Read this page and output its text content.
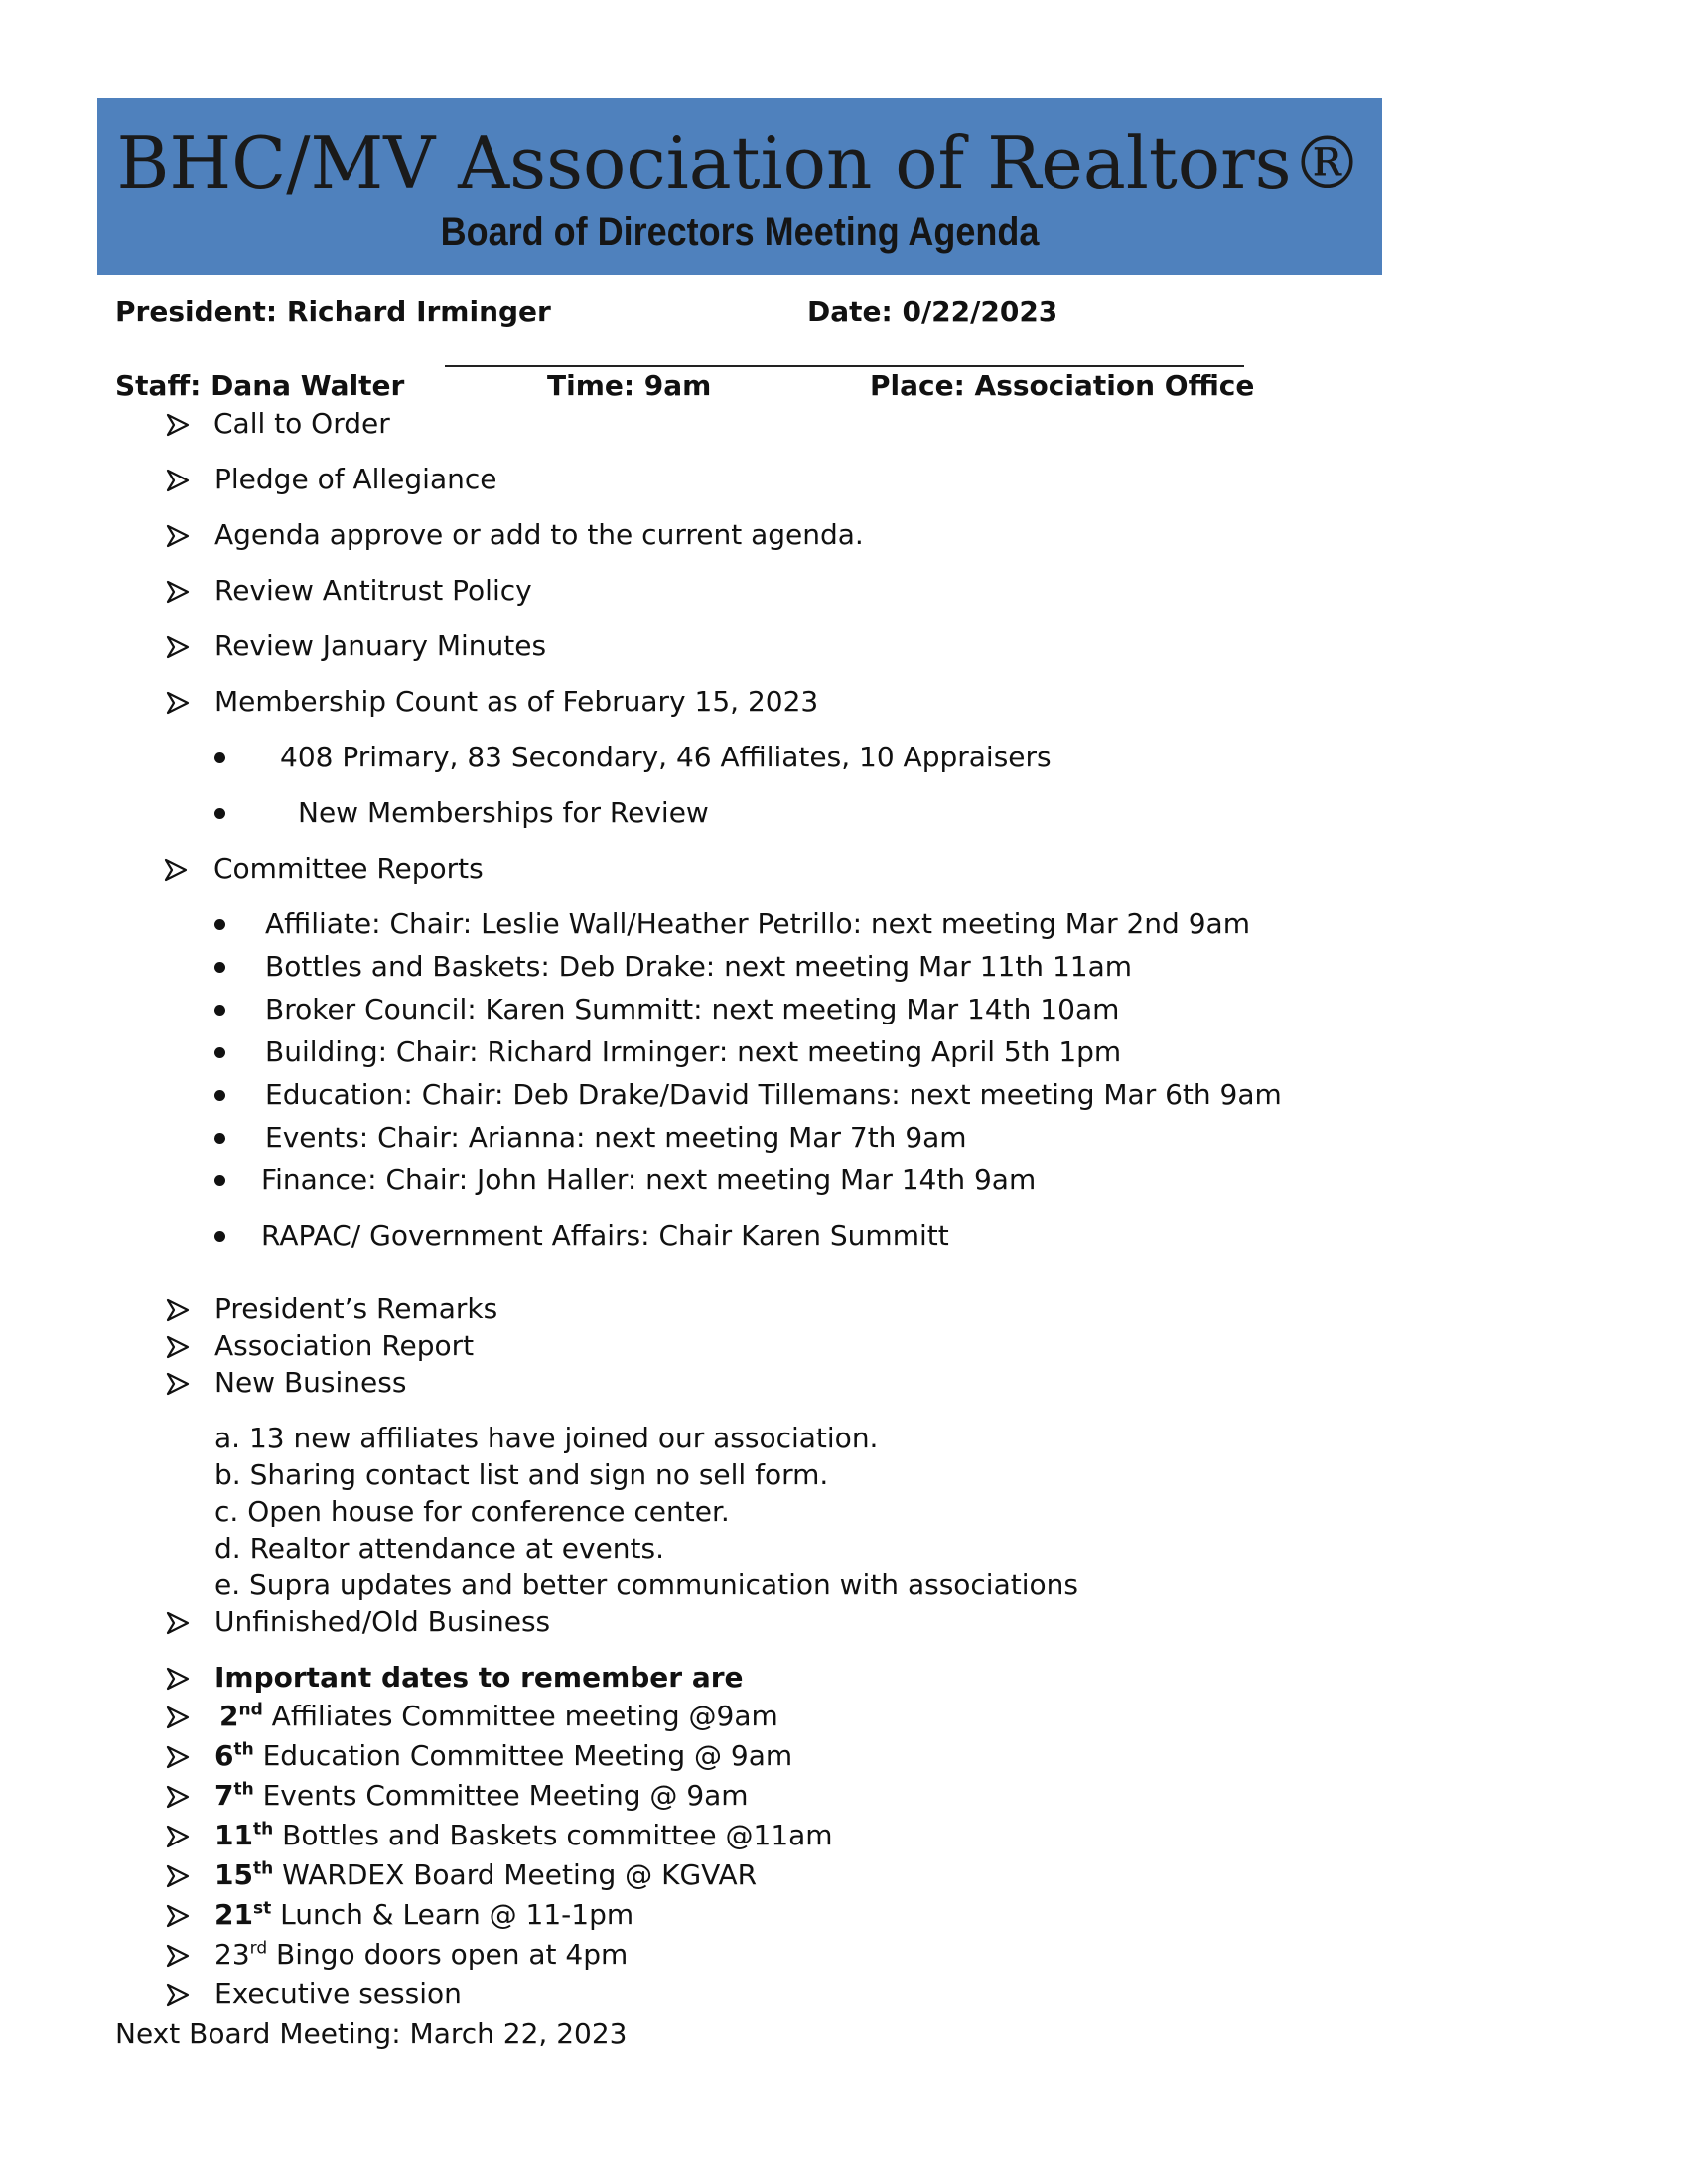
BHC/MV Association of Realtors®
Board of Directors Meeting Agenda
President: Richard Irminger	Date: 0/22/2023
Staff: Dana Walter	Time: 9am	Place: Association Office
Call to Order
Pledge of Allegiance
Agenda approve or add to the current agenda.
Review Antitrust Policy
Review January Minutes
Membership Count as of February 15, 2023
408 Primary, 83 Secondary, 46 Affiliates, 10 Appraisers
New Memberships for Review
Committee Reports
Affiliate: Chair: Leslie Wall/Heather Petrillo: next meeting Mar 2nd 9am
Bottles and Baskets: Deb Drake: next meeting Mar 11th 11am
Broker Council: Karen Summitt: next meeting Mar 14th 10am
Building: Chair: Richard Irminger: next meeting April 5th 1pm
Education: Chair: Deb Drake/David Tillemans: next meeting Mar 6th 9am
Events: Chair: Arianna: next meeting Mar 7th 9am
Finance: Chair: John Haller: next meeting Mar 14th 9am
RAPAC/ Government Affairs: Chair Karen Summitt
President’s Remarks
Association Report
New Business
a. 13 new affiliates have joined our association.
b. Sharing contact list and sign no sell form.
c. Open house for conference center.
d. Realtor attendance at events.
e. Supra updates and better communication with associations
Unfinished/Old Business
Important dates to remember are
2nd Affiliates Committee meeting @9am
6th Education Committee Meeting @ 9am
7th Events Committee Meeting @ 9am
11th Bottles and Baskets committee @11am
15th WARDEX Board Meeting @ KGVAR
21st Lunch & Learn @ 11-1pm
23rd Bingo doors open at 4pm
Executive session
Next Board Meeting: March 22, 2023
